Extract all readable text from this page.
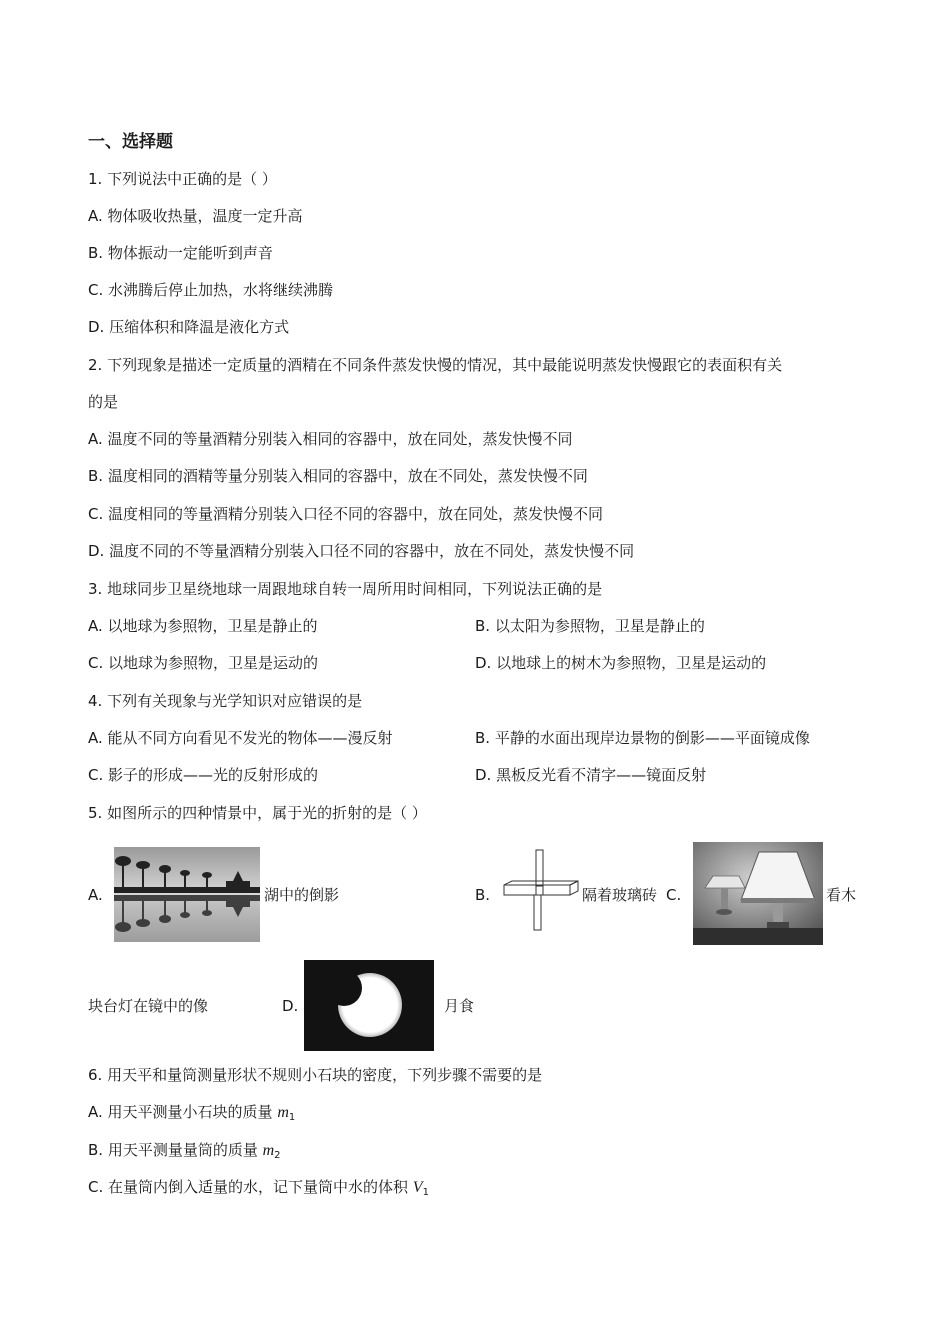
一、选择题
1. 下列说法中正确的是（ ）
A. 物体吸收热量，温度一定升高
B. 物体振动一定能听到声音
C. 水沸腾后停止加热，水将继续沸腾
D. 压缩体积和降温是液化方式
2. 下列现象是描述一定质量的酒精在不同条件蒸发快慢的情况，其中最能说明蒸发快慢跟它的表面积有关
的是
A. 温度不同的等量酒精分别装入相同的容器中，放在同处，蒸发快慢不同
B. 温度相同的酒精等量分别装入相同的容器中，放在不同处，蒸发快慢不同
C. 温度相同的等量酒精分别装入口径不同的容器中，放在同处，蒸发快慢不同
D. 温度不同的不等量酒精分别装入口径不同的容器中，放在不同处，蒸发快慢不同
3. 地球同步卫星绕地球一周跟地球自转一周所用时间相同，下列说法正确的是
A. 以地球为参照物，卫星是静止的	B. 以太阳为参照物，卫星是静止的
C. 以地球为参照物，卫星是运动的	D. 以地球上的树木为参照物，卫星是运动的
4. 下列有关现象与光学知识对应错误的是
A. 能从不同方向看见不发光的物体——漫反射	B. 平静的水面出现岸边景物的倒影——平面镜成像
C. 影子的形成——光的反射形成的	D. 黑板反光看不清字——镜面反射
5. 如图所示的四种情景中，属于光的折射的是（ ）
A.	湖中的倒影	B.	隔着玻璃砖 C.	看木
块台灯在镜中的像	D.	月食
6. 用天平和量筒测量形状不规则小石块的密度，下列步骤不需要的是
A. 用天平测量小石块的质量 $m_1$
B. 用天平测量量筒的质量 $m_2$
C. 在量筒内倒入适量的水，记下量筒中水的体积 $V_1$
